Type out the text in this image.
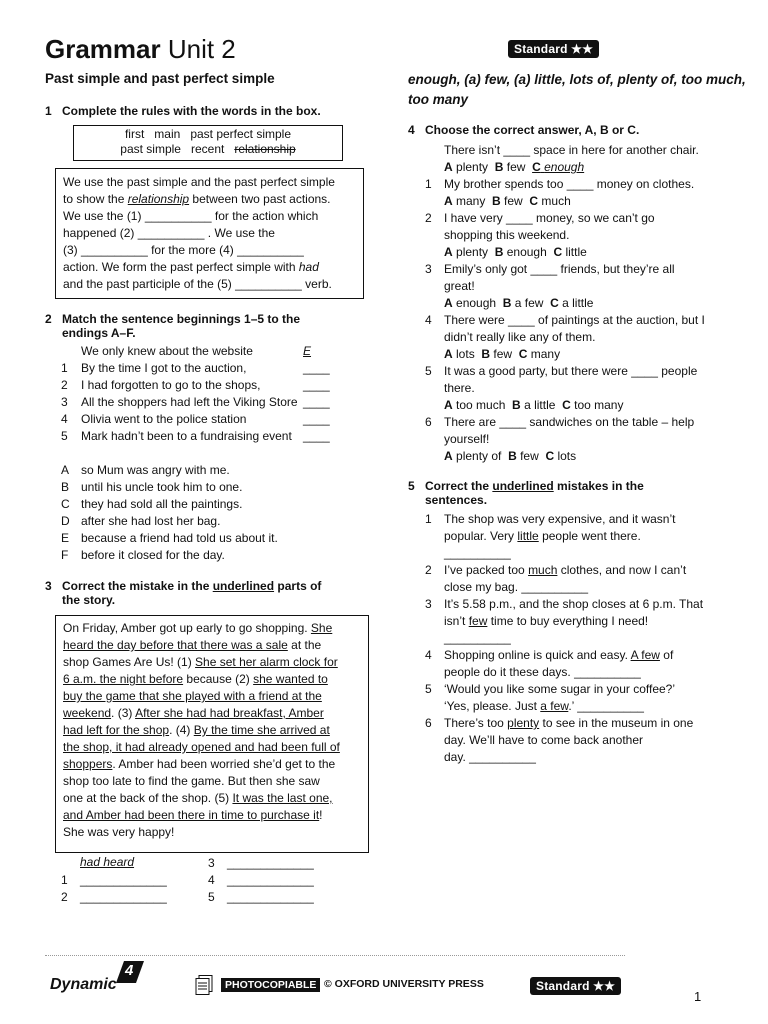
Grammar Unit 2	Standard ★★
Past simple and past perfect simple	enough, (a) few, (a) little, lots of, plenty of, too much, too many
1 Complete the rules with the words in the box.
first   main   past perfect simple
past simple   recent   relationship
We use the past simple and the past perfect simple
to show the relationship between two past actions.
We use the (1) __________ for the action which
happened (2) __________ . We use the
(3) __________ for the more (4) __________
action. We form the past perfect simple with had
and the past participle of the (5) __________ verb.
2 Match the sentence beginnings 1–5 to the
endings A–F.
We only knew about the website	E
1 By the time I got to the auction,	____
2 I had forgotten to go to the shops,	____
3 All the shoppers had left the Viking Store ____
4 Olivia went to the police station	____
5 Mark hadn’t been to a fundraising event ____
A so Mum was angry with me.
B until his uncle took him to one.
C they had sold all the paintings.
D after she had lost her bag.
E because a friend had told us about it.
F before it closed for the day.
3 Correct the mistake in the underlined parts of
the story.
On Friday, Amber got up early to go shopping. She
heard the day before that there was a sale at the
shop Games Are Us! (1) She set her alarm clock for
6 a.m. the night before because (2) she wanted to
buy the game that she played with a friend at the
weekend. (3) After she had had breakfast, Amber
had left for the shop. (4) By the time she arrived at
the shop, it had already opened and had been full of
shoppers. Amber had been worried she’d get to the
shop too late to find the game. But then she saw
one at the back of the shop. (5) It was the last one,
and Amber had been there in time to purchase it!
She was very happy!
had heard
1 _____________
2 _____________
3 _____________
4 _____________
5 _____________
4 Choose the correct answer, A, B or C.
There isn’t ____ space in here for another chair.
A plenty B few C enough
1 My brother spends too ____ money on clothes.
A many B few C much
2 I have very ____ money, so we can’t go
shopping this weekend.
A plenty B enough C little
3 Emily’s only got ____ friends, but they’re all
great!
A enough B a few C a little
4 There were ____ of paintings at the auction, but I
didn’t really like any of them.
A lots B few C many
5 It was a good party, but there were ____ people
there.
A too much B a little C too many
6 There are ____ sandwiches on the table – help
yourself!
A plenty of B few C lots
5 Correct the underlined mistakes in the
sentences.
1 The shop was very expensive, and it wasn’t
popular. Very little people went there.
__________
2 I’ve packed too much clothes, and now I can’t
close my bag. __________
3 It’s 5.58 p.m., and the shop closes at 6 p.m. That
isn’t few time to buy everything I need!
__________
4 Shopping online is quick and easy. A few of
people do it these days. __________
5 ‘Would you like some sugar in your coffee?’
‘Yes, please. Just a few.’ __________
6 There’s too plenty to see in the museum in one
day. We’ll have to come back another
day. __________
Dynamic
4
PHOTOCOPIABLE © OXFORD UNIVERSITY PRESS	Standard ★★
1
